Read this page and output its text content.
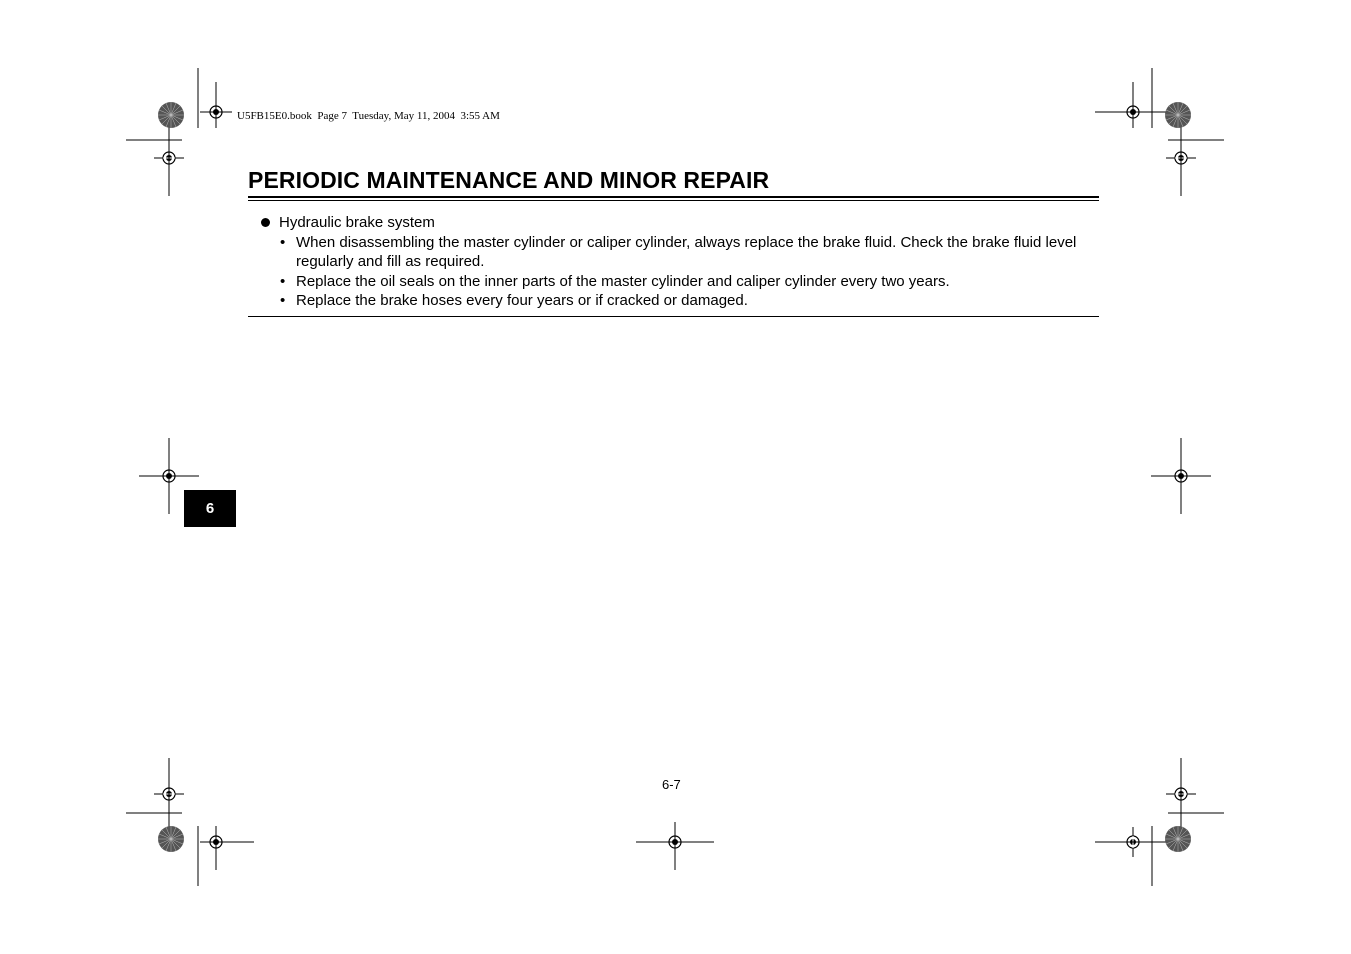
U5FB15E0.book  Page 7  Tuesday, May 11, 2004  3:55 AM
PERIODIC MAINTENANCE AND MINOR REPAIR
Hydraulic brake system
• When disassembling the master cylinder or caliper cylinder, always replace the brake fluid. Check the brake fluid level regularly and fill as required.
• Replace the oil seals on the inner parts of the master cylinder and caliper cylinder every two years.
• Replace the brake hoses every four years or if cracked or damaged.
6
6-7
